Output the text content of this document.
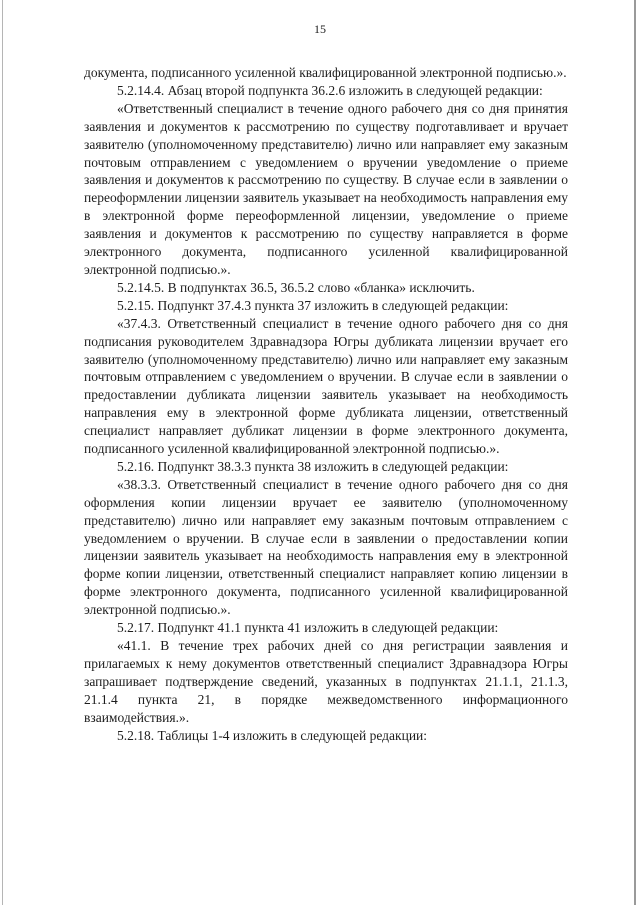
15

документа, подписанного усиленной квалифицированной электронной подписью.».

5.2.14.4. Абзац второй подпункта 36.2.6 изложить в следующей редакции:

«Ответственный специалист в течение одного рабочего дня со дня принятия заявления и документов к рассмотрению по существу подготавливает и вручает заявителю (уполномоченному представителю) лично или направляет ему заказным почтовым отправлением с уведомлением о вручении уведомление о приеме заявления и документов к рассмотрению по существу. В случае если в заявлении о переоформлении лицензии заявитель указывает на необходимость направления ему в электронной форме переоформленной лицензии, уведомление о приеме заявления и документов к рассмотрению по существу направляется в форме электронного документа, подписанного усиленной квалифицированной электронной подписью.».

5.2.14.5. В подпунктах 36.5, 36.5.2 слово «бланка» исключить.

5.2.15. Подпункт 37.4.3 пункта 37 изложить в следующей редакции:

«37.4.3. Ответственный специалист в течение одного рабочего дня со дня подписания руководителем Здравнадзора Югры дубликата лицензии вручает его заявителю (уполномоченному представителю) лично или направляет ему заказным почтовым отправлением с уведомлением о вручении. В случае если в заявлении о предоставлении дубликата лицензии заявитель указывает на необходимость направления ему в электронной форме дубликата лицензии, ответственный специалист направляет дубликат лицензии в форме электронного документа, подписанного усиленной квалифицированной электронной подписью.».

5.2.16. Подпункт 38.3.3 пункта 38 изложить в следующей редакции:

«38.3.3. Ответственный специалист в течение одного рабочего дня со дня оформления копии лицензии вручает ее заявителю (уполномоченному представителю) лично или направляет ему заказным почтовым отправлением с уведомлением о вручении. В случае если в заявлении о предоставлении копии лицензии заявитель указывает на необходимость направления ему в электронной форме копии лицензии, ответственный специалист направляет копию лицензии в форме электронного документа, подписанного усиленной квалифицированной электронной подписью.».

5.2.17. Подпункт 41.1 пункта 41 изложить в следующей редакции:

«41.1. В течение трех рабочих дней со дня регистрации заявления и прилагаемых к нему документов ответственный специалист Здравнадзора Югры запрашивает подтверждение сведений, указанных в подпунктах 21.1.1, 21.1.3, 21.1.4 пункта 21, в порядке межведомственного информационного взаимодействия.».

5.2.18. Таблицы 1-4 изложить в следующей редакции:
